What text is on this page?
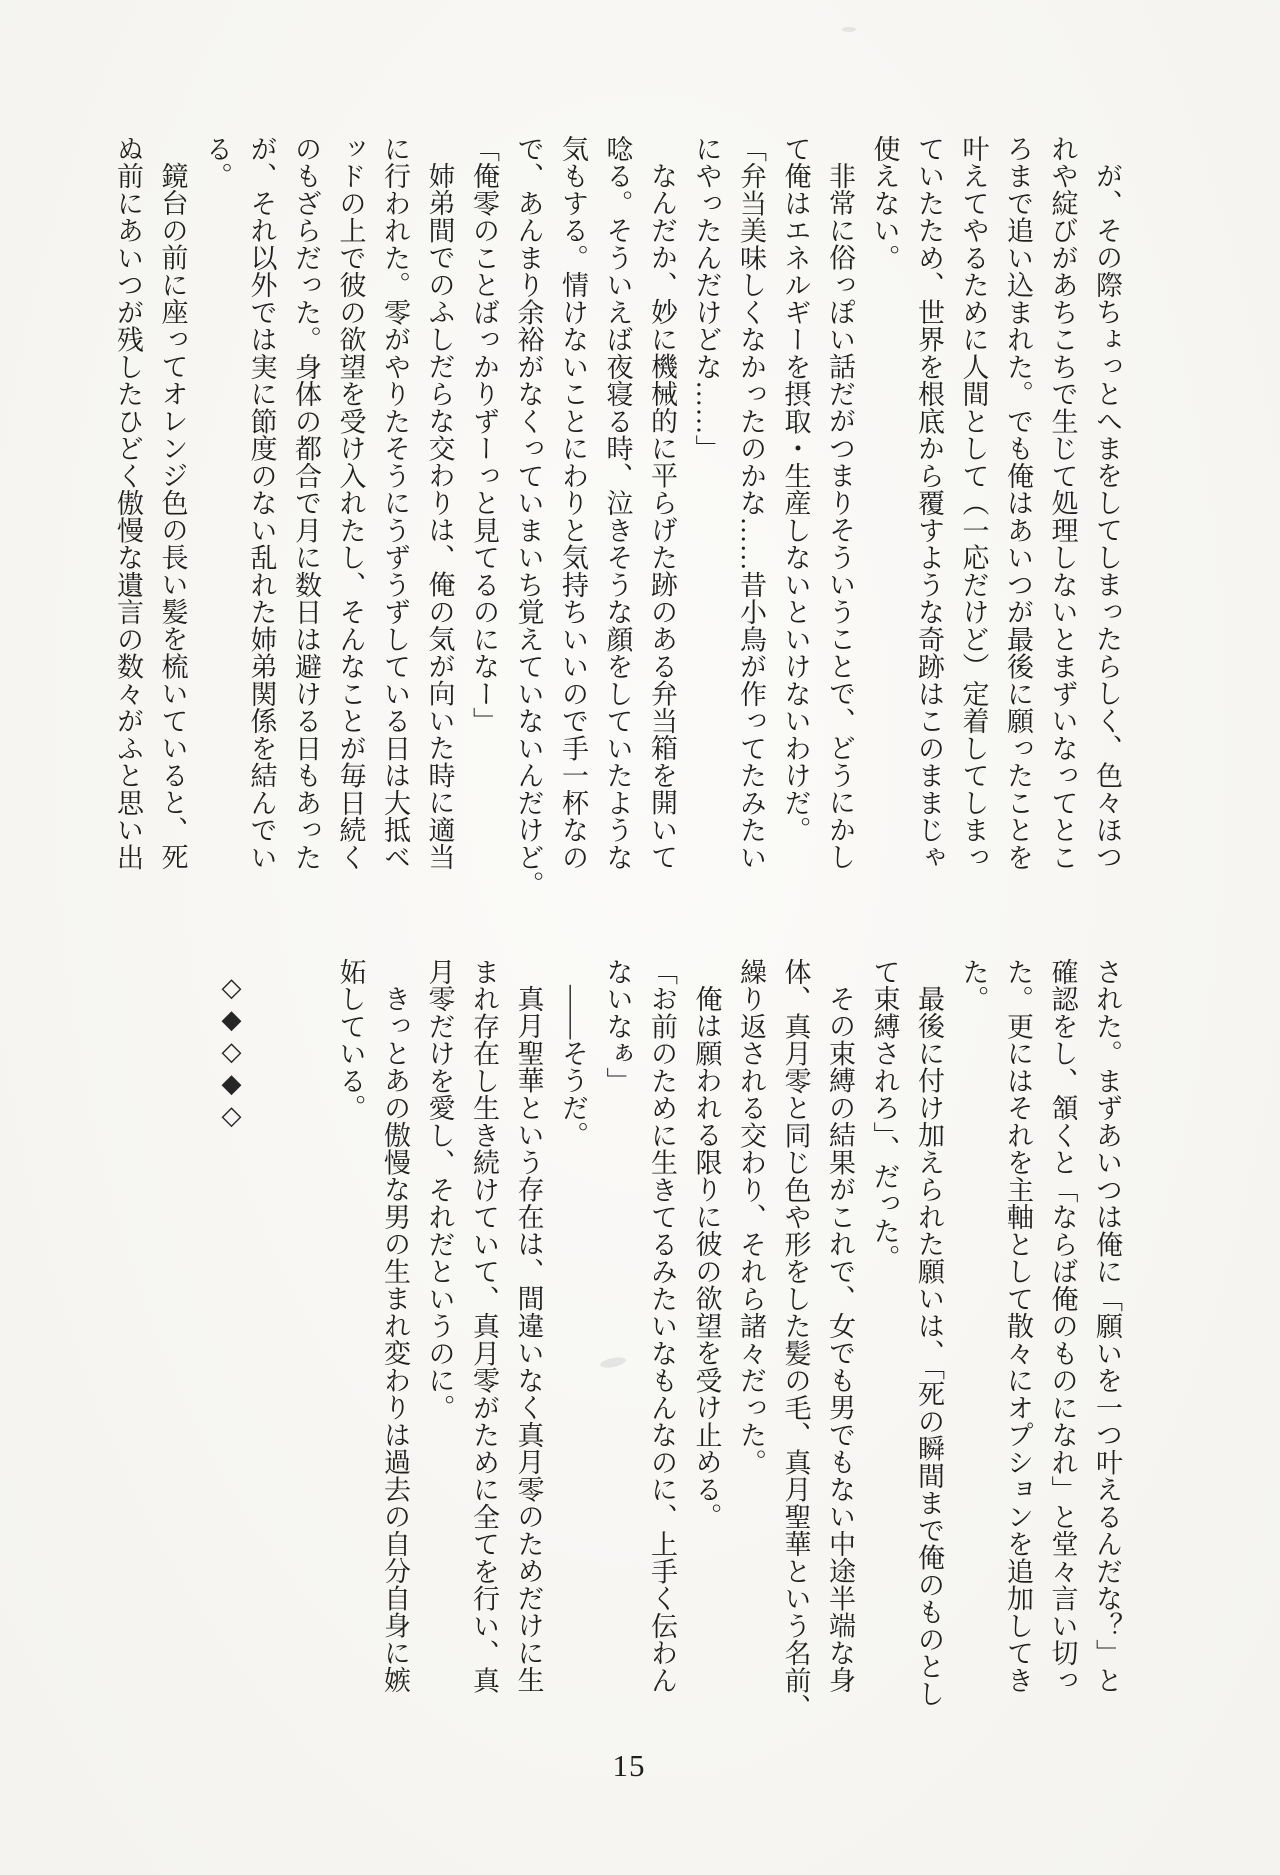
が、その際ちょっとへまをしてしまったらしく、色々ほつ
れや綻びがあちこちで生じて処理しないとまずいなってとこ
ろまで追い込まれた。でも俺はあいつが最後に願ったことを
叶えてやるために人間として（一応だけど）定着してしまっ
ていたため、世界を根底から覆すような奇跡はこのままじゃ
使えない。
非常に俗っぽい話だがつまりそういうことで、どうにかし
て俺はエネルギーを摂取・生産しないといけないわけだ。
「弁当美味しくなかったのかな……昔小鳥が作ってたみたい
にやったんだけどな……」
なんだか、妙に機械的に平らげた跡のある弁当箱を開いて
唸る。そういえば夜寝る時、泣きそうな顔をしていたような
気もする。情けないことにわりと気持ちいいので手一杯なの
で、あんまり余裕がなくっていまいち覚えていないんだけど。
「俺零のことばっかりずーっと見てるのになー」
姉弟間でのふしだらな交わりは、俺の気が向いた時に適当
に行われた。零がやりたそうにうずうずしている日は大抵ベ
ッドの上で彼の欲望を受け入れたし、そんなことが毎日続く
のもざらだった。身体の都合で月に数日は避ける日もあった
が、それ以外では実に節度のない乱れた姉弟関係を結んでい
る。
鏡台の前に座ってオレンジ色の長い髪を梳いていると、死
ぬ前にあいつが残したひどく傲慢な遺言の数々がふと思い出
された。まずあいつは俺に「願いを一つ叶えるんだな？」と
確認をし、頷くと「ならば俺のものになれ」と堂々言い切っ
た。更にはそれを主軸として散々にオプションを追加してき
た。
最後に付け加えられた願いは、「死の瞬間まで俺のものとし
て束縛されろ」、だった。
その束縛の結果がこれで、女でも男でもない中途半端な身
体、真月零と同じ色や形をした髪の毛、真月聖華という名前、
繰り返される交わり、それら諸々だった。
俺は願われる限りに彼の欲望を受け止める。
「お前のために生きてるみたいなもんなのに、上手く伝わん
ないなぁ」
――そうだ。
真月聖華という存在は、間違いなく真月零のためだけに生
まれ存在し生き続けていて、真月零がために全てを行い、真
月零だけを愛し、それだというのに。
きっとあの傲慢な男の生まれ変わりは過去の自分自身に嫉
妬している。
◇◆◇◆◇
15
